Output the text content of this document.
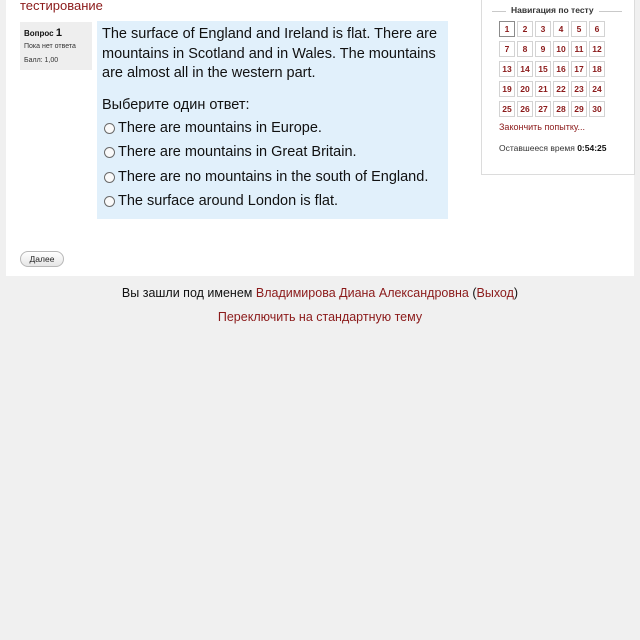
тестирование
Вопрос 1
Пока нет ответа
Балл: 1,00
The surface of England and Ireland is flat. There are mountains in Scotland and in Wales. The mountains are almost all in the western part.
Выберите один ответ:
There are mountains in Europe.
There are mountains in Great Britain.
There are no mountains in the south of England.
The surface around London is flat.
Далее
Навигация по тесту
1	2	3	4	5	6
7	8	9	10	11	12
13	14	15	16	17	18
19	20	21	22	23	24
25	26	27	28	29	30
Закончить попытку...
Оставшееся время 0:54:25
Вы зашли под именем Владимирова Диана Александровна (Выход)
Переключить на стандартную тему
